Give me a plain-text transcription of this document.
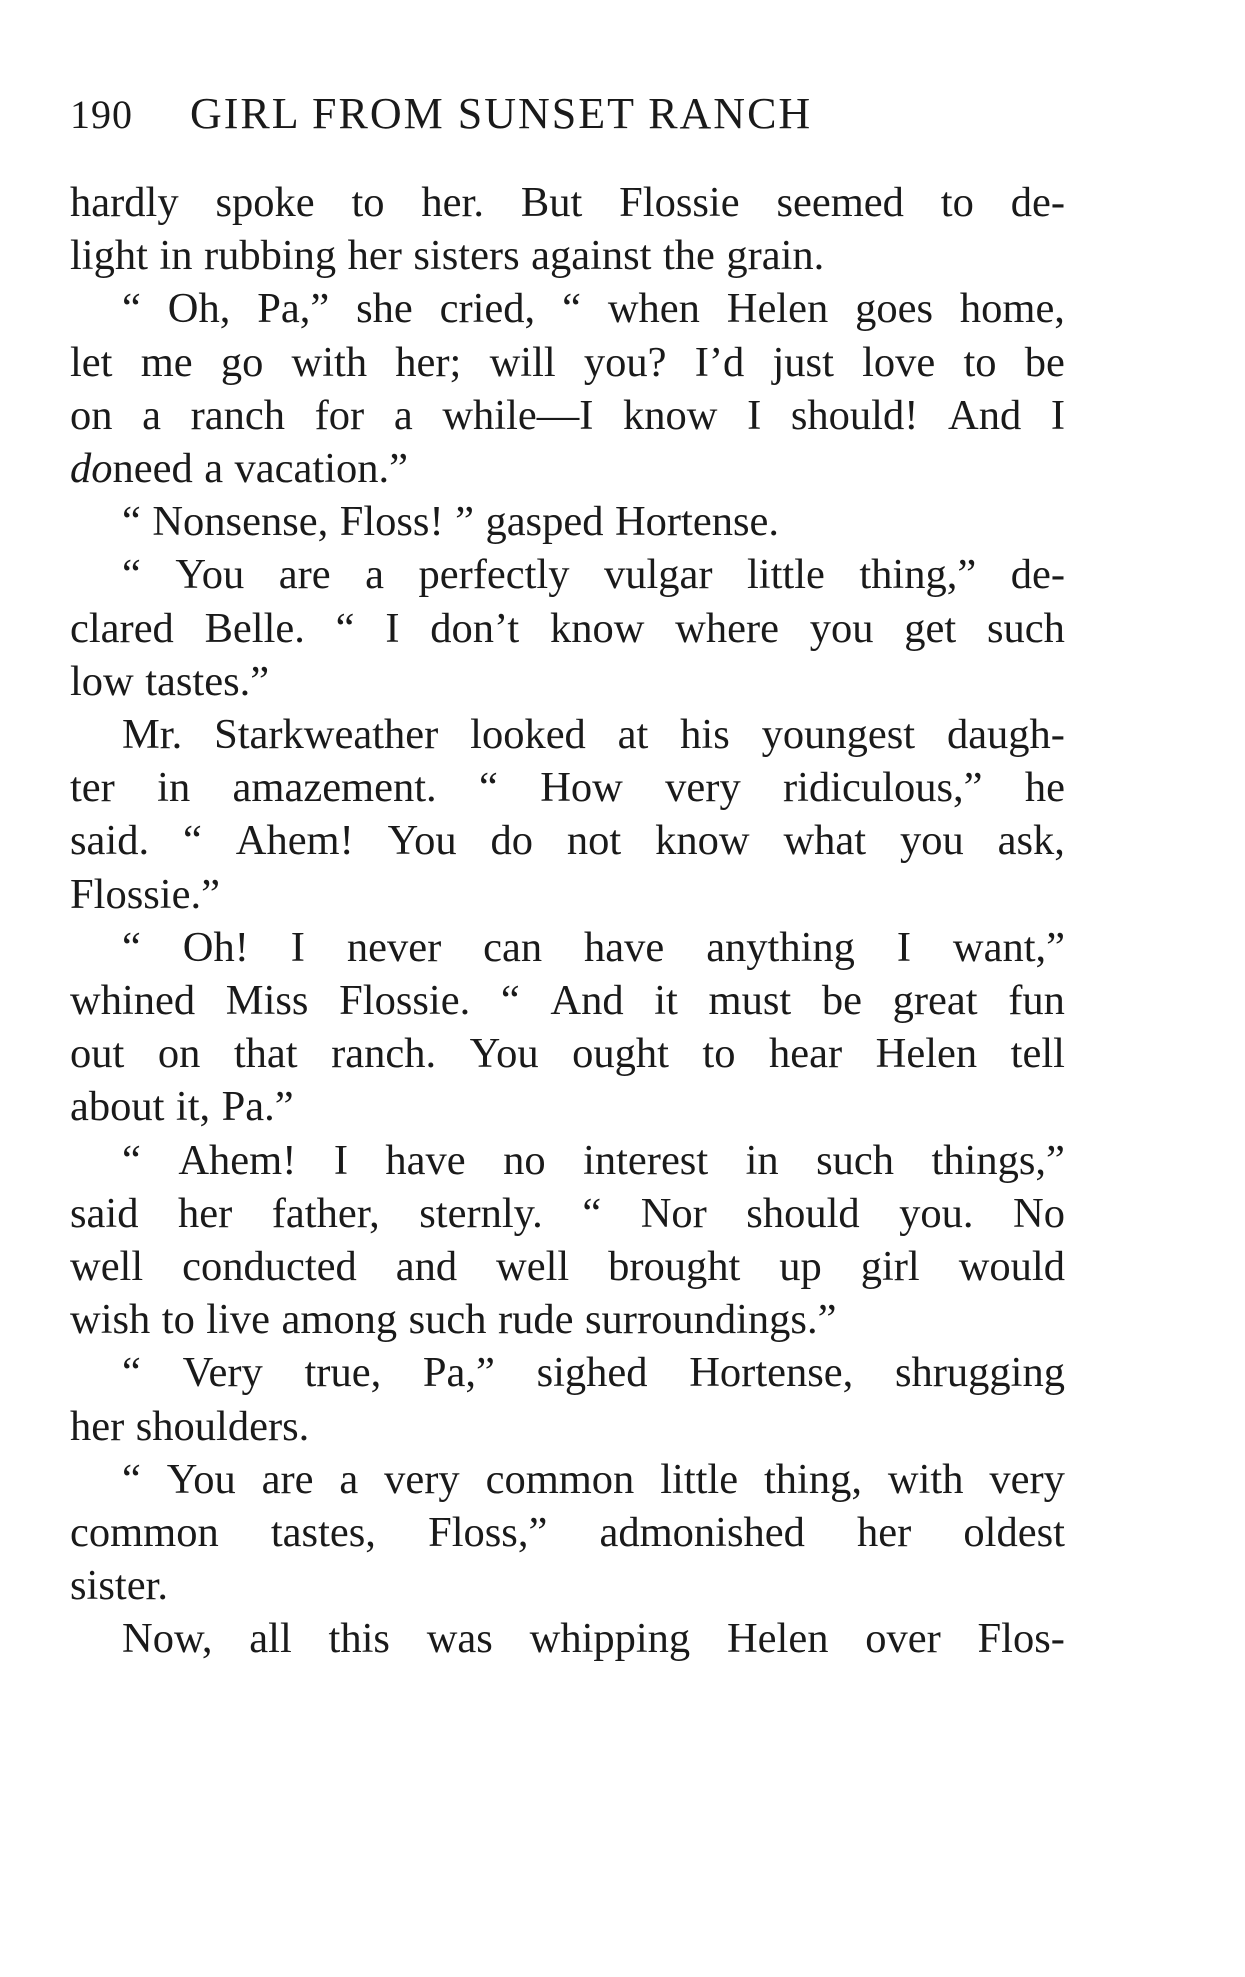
190	GIRL FROM SUNSET RANCH
hardly spoke to her. But Flossie seemed to de-
light in rubbing her sisters against the grain.
“ Oh, Pa,” she cried, “ when Helen goes home,
let me go with her; will you? I’d just love to be
on a ranch for a while—I know I should! And I
do need a vacation.”
“ Nonsense, Floss! ” gasped Hortense.
“ You are a perfectly vulgar little thing,” de-
clared Belle. “ I don’t know where you get such
low tastes.”
Mr. Starkweather looked at his youngest daugh-
ter in amazement. “ How very ridiculous,” he
said. “ Ahem! You do not know what you ask,
Flossie.”
“ Oh! I never can have anything I want,”
whined Miss Flossie. “ And it must be great fun
out on that ranch. You ought to hear Helen tell
about it, Pa.”
“ Ahem! I have no interest in such things,”
said her father, sternly. “ Nor should you. No
well conducted and well brought up girl would
wish to live among such rude surroundings.”
“ Very true, Pa,” sighed Hortense, shrugging
her shoulders.
“ You are a very common little thing, with very
common tastes, Floss,” admonished her oldest
sister.
Now, all this was whipping Helen over Flos-
